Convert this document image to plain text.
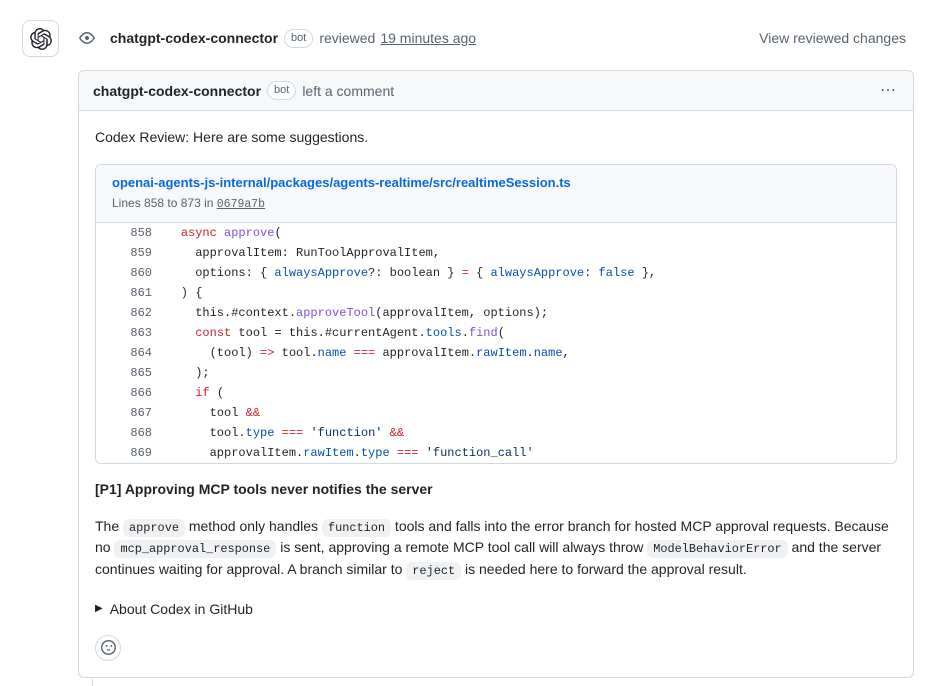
chatgpt-codex-connector	bot reviewed 19 minutes ago	View reviewed changes
chatgpt-codex-connector	bot left a comment	⋯

Codex Review: Here are some suggestions.

openai-agents-js-internal/packages/agents-realtime/src/realtimeSession.ts
Lines 858 to 873 in 0679a7b
858	async approve(
859	approvalItem: RunToolApprovalItem,
860	options: { alwaysApprove?: boolean } = { alwaysApprove: false },
861	) {
862	this.#context.approveTool(approvalItem, options);
863	const tool = this.#currentAgent.tools.find(
864	(tool) => tool.name === approvalItem.rawItem.name,
865	);
866	if (
867	tool &&
868	tool.type === 'function' &&
869	approvalItem.rawItem.type === 'function_call'
[P1] Approving MCP tools never notifies the server

The approve method only handles function tools and falls into the error branch for hosted MCP approval requests. Because no mcp_approval_response is sent, approving a remote MCP tool call will always throw ModelBehaviorError and the server continues waiting for approval. A branch similar to reject is needed here to forward the approval result.

▶ About Codex in GitHub
